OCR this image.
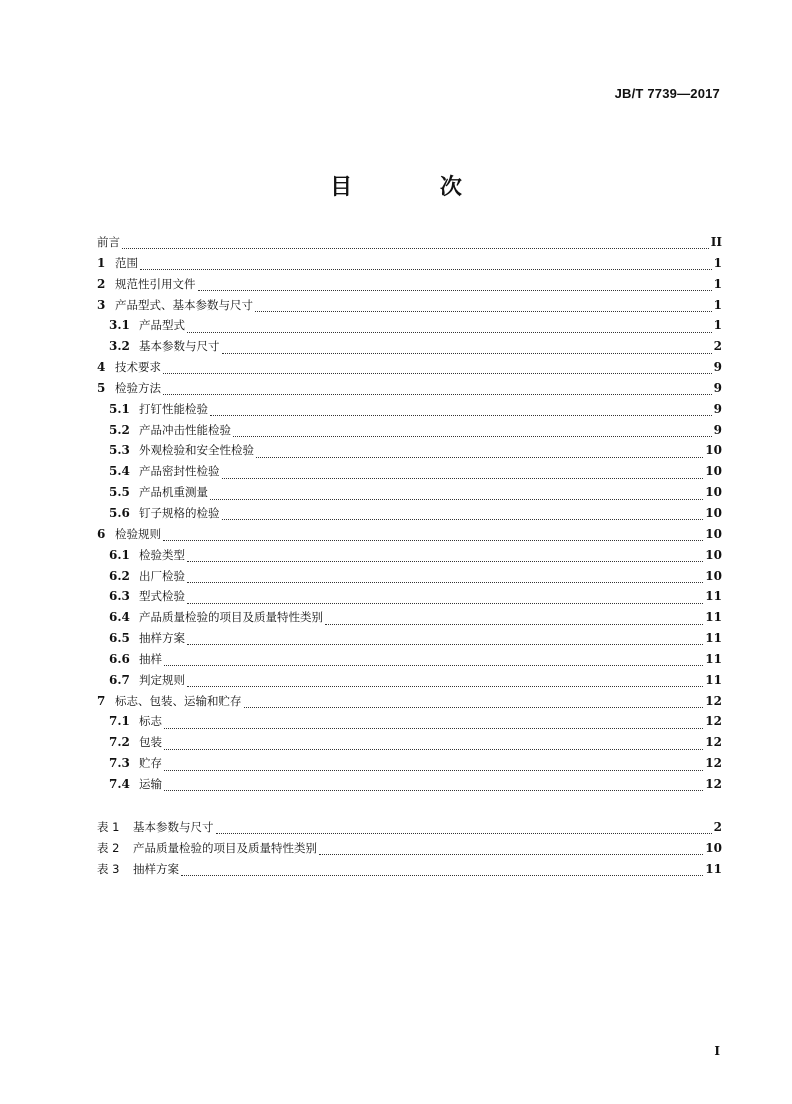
JB/T 7739—2017
目 次
前言	II
1 范围	1
2 规范性引用文件	1
3 产品型式、基本参数与尺寸	1
3.1 产品型式	1
3.2 基本参数与尺寸	2
4 技术要求	9
5 检验方法	9
5.1 打钉性能检验	9
5.2 产品冲击性能检验	9
5.3 外观检验和安全性检验	10
5.4 产品密封性检验	10
5.5 产品机重测量	10
5.6 钉子规格的检验	10
6 检验规则	10
6.1 检验类型	10
6.2 出厂检验	10
6.3 型式检验	11
6.4 产品质量检验的项目及质量特性类别	11
6.5 抽样方案	11
6.6 抽样	11
6.7 判定规则	11
7 标志、包装、运输和贮存	12
7.1 标志	12
7.2 包装	12
7.3 贮存	12
7.4 运输	12
表 1	基本参数与尺寸	2
表 2	产品质量检验的项目及质量特性类别	10
表 3	抽样方案	11
I
